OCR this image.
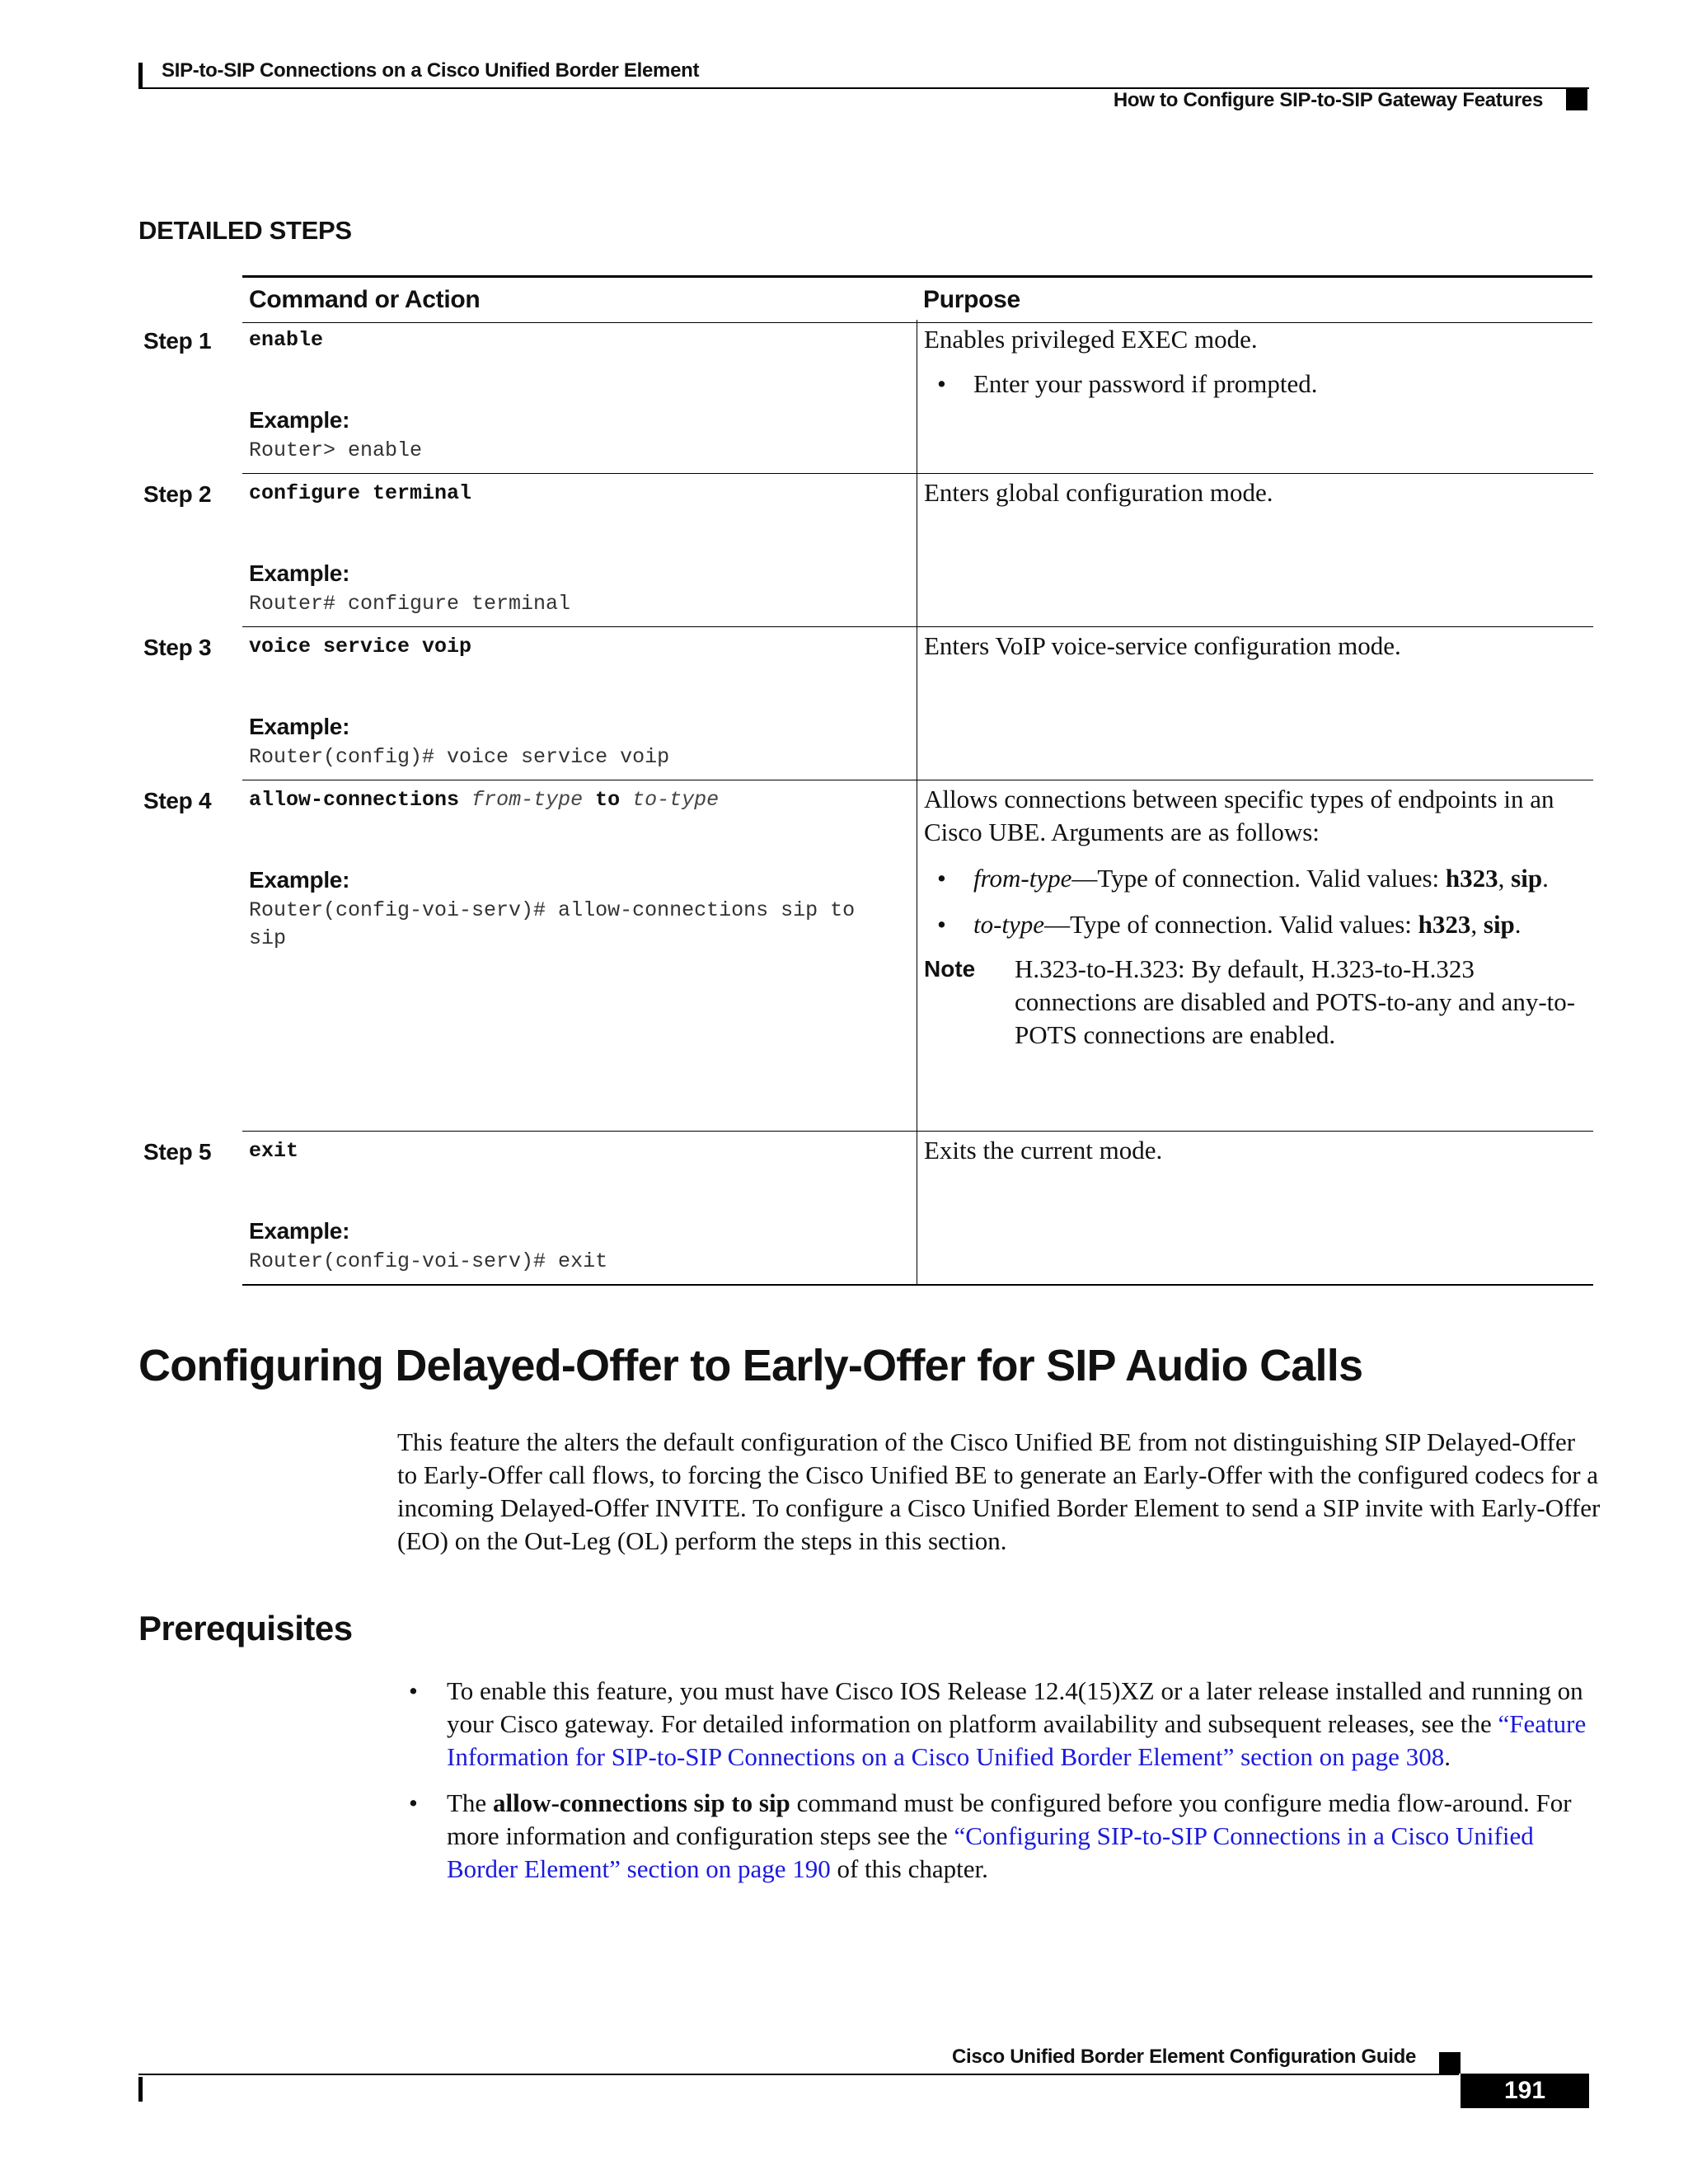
SIP-to-SIP Connections on a Cisco Unified Border Element
How to Configure SIP-to-SIP Gateway Features
DETAILED STEPS
Command or Action	Purpose
Step 1 enable
Example:
Router> enable
Enables privileged EXEC mode.
• Enter your password if prompted.
Step 2 configure terminal
Example:
Router# configure terminal
Enters global configuration mode.
Step 3 voice service voip
Example:
Router(config)# voice service voip
Enters VoIP voice-service configuration mode.
Step 4 allow-connections from-type to to-type
Example:
Router(config-voi-serv)# allow-connections sip to
sip
Allows connections between specific types of endpoints in an Cisco UBE. Arguments are as follows:
• from-type—Type of connection. Valid values: h323, sip.
• to-type—Type of connection. Valid values: h323, sip.
Note H.323-to-H.323: By default, H.323-to-H.323 connections are disabled and POTS-to-any and any-to-POTS connections are enabled.
Step 5 exit
Example:
Router(config-voi-serv)# exit
Exits the current mode.
Configuring Delayed-Offer to Early-Offer for SIP Audio Calls
This feature the alters the default configuration of the Cisco Unified BE from not distinguishing SIP Delayed-Offer to Early-Offer call flows, to forcing the Cisco Unified BE to generate an Early-Offer with the configured codecs for a incoming Delayed-Offer INVITE. To configure a Cisco Unified Border Element to send a SIP invite with Early-Offer (EO) on the Out-Leg (OL) perform the steps in this section.
Prerequisites
• To enable this feature, you must have Cisco IOS Release 12.4(15)XZ or a later release installed and running on your Cisco gateway. For detailed information on platform availability and subsequent releases, see the “Feature Information for SIP-to-SIP Connections on a Cisco Unified Border Element” section on page 308.
• The allow-connections sip to sip command must be configured before you configure media flow-around. For more information and configuration steps see the “Configuring SIP-to-SIP Connections in a Cisco Unified Border Element” section on page 190 of this chapter.
Cisco Unified Border Element Configuration Guide
191
